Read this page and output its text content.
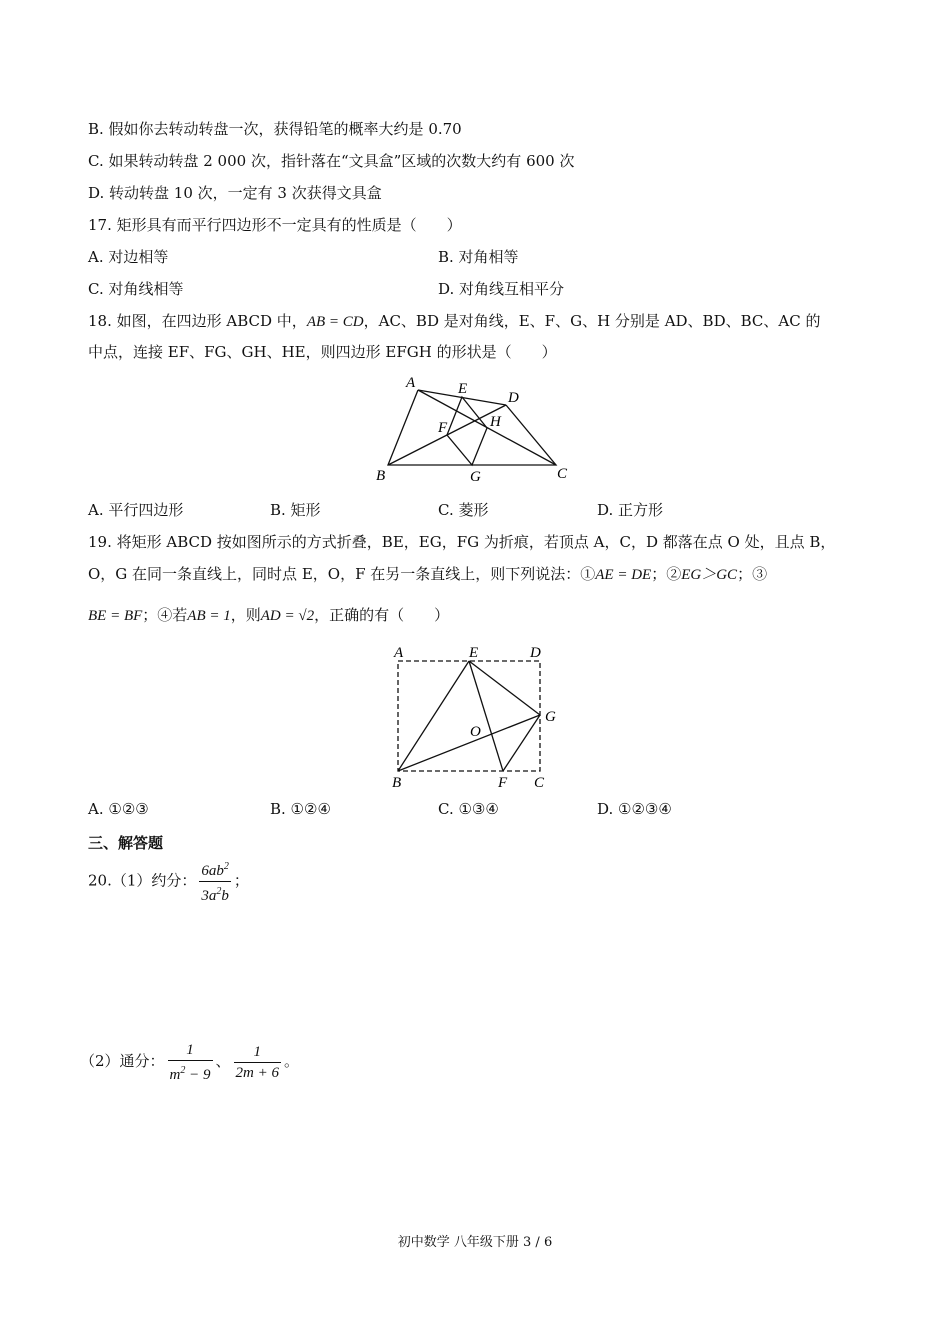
B. 假如你去转动转盘一次，获得铅笔的概率大约是 0.70
C. 如果转动转盘 2 000 次，指针落在“文具盒”区域的次数大约有 600 次
D. 转动转盘 10 次，一定有 3 次获得文具盒
17. 矩形具有而平行四边形不一定具有的性质是（　　）
A. 对边相等	B. 对角相等
C. 对角线相等	D. 对角线互相平分
18. 如图，在四边形 ABCD 中，AB = CD，AC、BD 是对角线，E、F、G、H 分别是 AD、BD、BC、AC 的
中点，连接 EF、FG、GH、HE，则四边形 EFGH 的形状是（　　）
A	E
D
F	H
B	G	C
A. 平行四边形	B. 矩形	C. 菱形	D. 正方形
19. 将矩形 ABCD 按如图所示的方式折叠，BE，EG，FG 为折痕，若顶点 A，C，D 都落在点 O 处，且点 B，
O，G 在同一条直线上，同时点 E，O，F 在另一条直线上，则下列说法：①AE = DE；②EG＞GC；③
BE = BF；④若AB = 1，则AD = √2，正确的有（　　）
A	E	D
G
O
B	F C
A. ①②③	B. ①②④	C. ①③④	D. ①②③④
三、解答题
20.（1）约分： $\frac{6ab^2}{3a^2b}$ ；
（2）通分： $\frac{1}{m^2 - 9}$ 、 $\frac{1}{2m + 6}$ 。
初中数学 八年级下册 3 / 6
